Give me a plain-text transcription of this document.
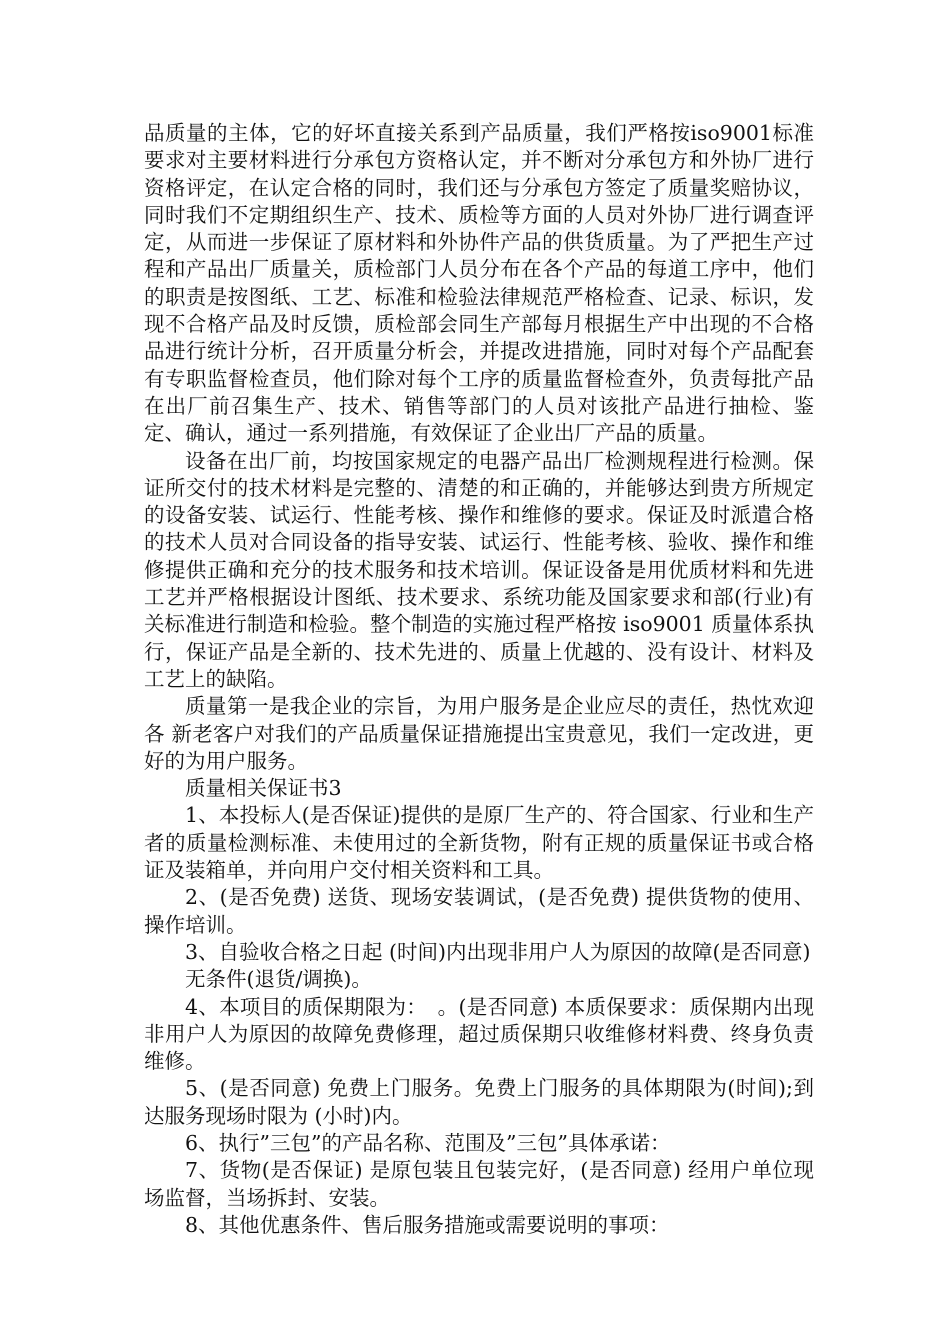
品质量的主体，它的好坏直接关系到产品质量，我们严格按iso9001标准要求对主要材料进行分承包方资格认定，并不断对分承包方和外协厂进行资格评定，在认定合格的同时，我们还与分承包方签定了质量奖赔协议，同时我们不定期组织生产、技术、质检等方面的人员对外协厂进行调查评定，从而进一步保证了原材料和外协件产品的供货质量。为了严把生产过程和产品出厂质量关，质检部门人员分布在各个产品的每道工序中，他们的职责是按图纸、工艺、标准和检验法律规范严格检查、记录、标识，发现不合格产品及时反馈，质检部会同生产部每月根据生产中出现的不合格品进行统计分析，召开质量分析会，并提改进措施，同时对每个产品配套有专职监督检查员，他们除对每个工序的质量监督检查外，负责每批产品在出厂前召集生产、技术、销售等部门的人员对该批产品进行抽检、鉴定、确认，通过一系列措施，有效保证了企业出厂产品的质量。

设备在出厂前，均按国家规定的电器产品出厂检测规程进行检测。保证所交付的技术材料是完整的、清楚的和正确的，并能够达到贵方所规定的设备安装、试运行、性能考核、操作和维修的要求。保证及时派遣合格的技术人员对合同设备的指导安装、试运行、性能考核、验收、操作和维修提供正确和充分的技术服务和技术培训。保证设备是用优质材料和先进工艺并严格根据设计图纸、技术要求、系统功能及国家要求和部(行业)有关标准进行制造和检验。整个制造的实施过程严格按 iso9001 质量体系执行，保证产品是全新的、技术先进的、质量上优越的、没有设计、材料及工艺上的缺陷。

质量第一是我企业的宗旨，为用户服务是企业应尽的责任，热忱欢迎各 新老客户对我们的产品质量保证措施提出宝贵意见，我们一定改进，更好的为用户服务。

质量相关保证书3

1、本投标人(是否保证)提供的是原厂生产的、符合国家、行业和生产者的质量检测标准、未使用过的全新货物，附有正规的质量保证书或合格证及装箱单，并向用户交付相关资料和工具。

2、(是否免费) 送货、现场安装调试，(是否免费) 提供货物的使用、操作培训。

3、自验收合格之日起 (时间)内出现非用户人为原因的故障(是否同意)

无条件(退货/调换)。

4、本项目的质保期限为：　。(是否同意) 本质保要求：质保期内出现非用户人为原因的故障免费修理，超过质保期只收维修材料费、终身负责维修。

5、(是否同意) 免费上门服务。免费上门服务的具体期限为(时间);到达服务现场时限为 (小时)内。

6、执行”三包”的产品名称、范围及”三包”具体承诺：

7、货物(是否保证) 是原包装且包装完好，(是否同意) 经用户单位现场监督，当场拆封、安装。

8、其他优惠条件、售后服务措施或需要说明的事项：
